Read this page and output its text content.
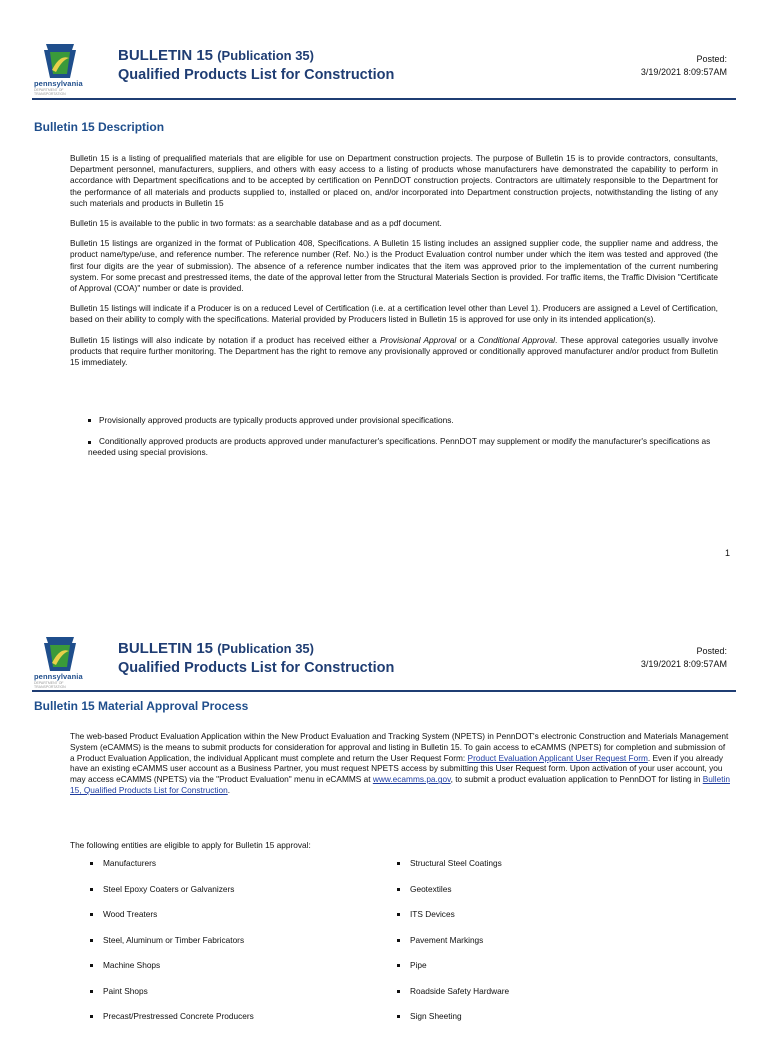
pennsylvania
DEPARTMENT OF TRANSPORTATION
BULLETIN 15 (Publication 35)
Qualified Products List for Construction
Posted:
3/19/2021 8:09:57AM
Bulletin 15 Description

Bulletin 15 is a listing of prequalified materials that are eligible for use on Department construction projects. The purpose of Bulletin 15 is to provide contractors, consultants, Department personnel, manufacturers, suppliers, and others with easy access to a listing of products whose manufacturers have demonstrated the capability to perform in accordance with Department specifications and to be accepted by certification on PennDOT construction projects. Contractors are ultimately responsible to the Department for the performance of all materials and products supplied to, installed or placed on, and/or incorporated into Department construction projects, notwithstanding the listing of any such materials and products in Bulletin 15

Bulletin 15 is available to the public in two formats: as a searchable database and as a pdf document.

Bulletin 15 listings are organized in the format of Publication 408, Specifications. A Bulletin 15 listing includes an assigned supplier code, the supplier name and address, the product name/type/use, and reference number. The reference number (Ref. No.) is the Product Evaluation control number under which the item was tested and approved (the first four digits are the year of submission). The absence of a reference number indicates that the item was approved prior to the implementation of the current numbering system. For some precast and prestressed items, the date of the approval letter from the Structural Materials Section is provided. For traffic items, the Traffic Division "Certificate of Approval (COA)" number or date is provided.

Bulletin 15 listings will indicate if a Producer is on a reduced Level of Certification (i.e. at a certification level other than Level 1). Producers are assigned a Level of Certification, based on their ability to comply with the specifications. Material provided by Producers listed in Bulletin 15 is approved for use only in its intended application(s).

Bulletin 15 listings will also indicate by notation if a product has received either a Provisional Approval or a Conditional Approval. These approval categories usually involve products that require further monitoring. The Department has the right to remove any provisionally approved or conditionally approved manufacturer and/or product from Bulletin 15 immediately.

Provisionally approved products are typically products approved under provisional specifications.
Conditionally approved products are products approved under manufacturer's specifications. PennDOT may supplement or modify the manufacturer's specifications as needed using special provisions.
1
pennsylvania
DEPARTMENT OF TRANSPORTATION
BULLETIN 15 (Publication 35)
Qualified Products List for Construction
Posted:
3/19/2021 8:09:57AM
Bulletin 15 Material Approval Process
The web-based Product Evaluation Application within the New Product Evaluation and Tracking System (NPETS) in PennDOT's electronic Construction and Materials Management System (eCAMMS) is the means to submit products for consideration for approval and listing in Bulletin 15. To gain access to eCAMMS (NPETS) for completion and submission of a Product Evaluation Application, the individual Applicant must complete and return the User Request Form: Product Evaluation Applicant User Request Form. Even if you already have an existing eCAMMS user account as a Business Partner, you must request NPETS access by submitting this User Request form. Upon activation of your user account, you may access eCAMMS (NPETS) via the "Product Evaluation" menu in eCAMMS at www.ecamms.pa.gov, to submit a product evaluation application to PennDOT for listing in Bulletin 15, Qualified Products List for Construction.
The following entities are eligible to apply for Bulletin 15 approval:
Manufacturers
Steel Epoxy Coaters or Galvanizers
Wood Treaters
Steel, Aluminum or Timber Fabricators
Machine Shops
Paint Shops
Precast/Prestressed Concrete Producers
Structural Steel Coatings
Geotextiles
ITS Devices
Pavement Markings
Pipe
Roadside Safety Hardware
Sign Sheeting
